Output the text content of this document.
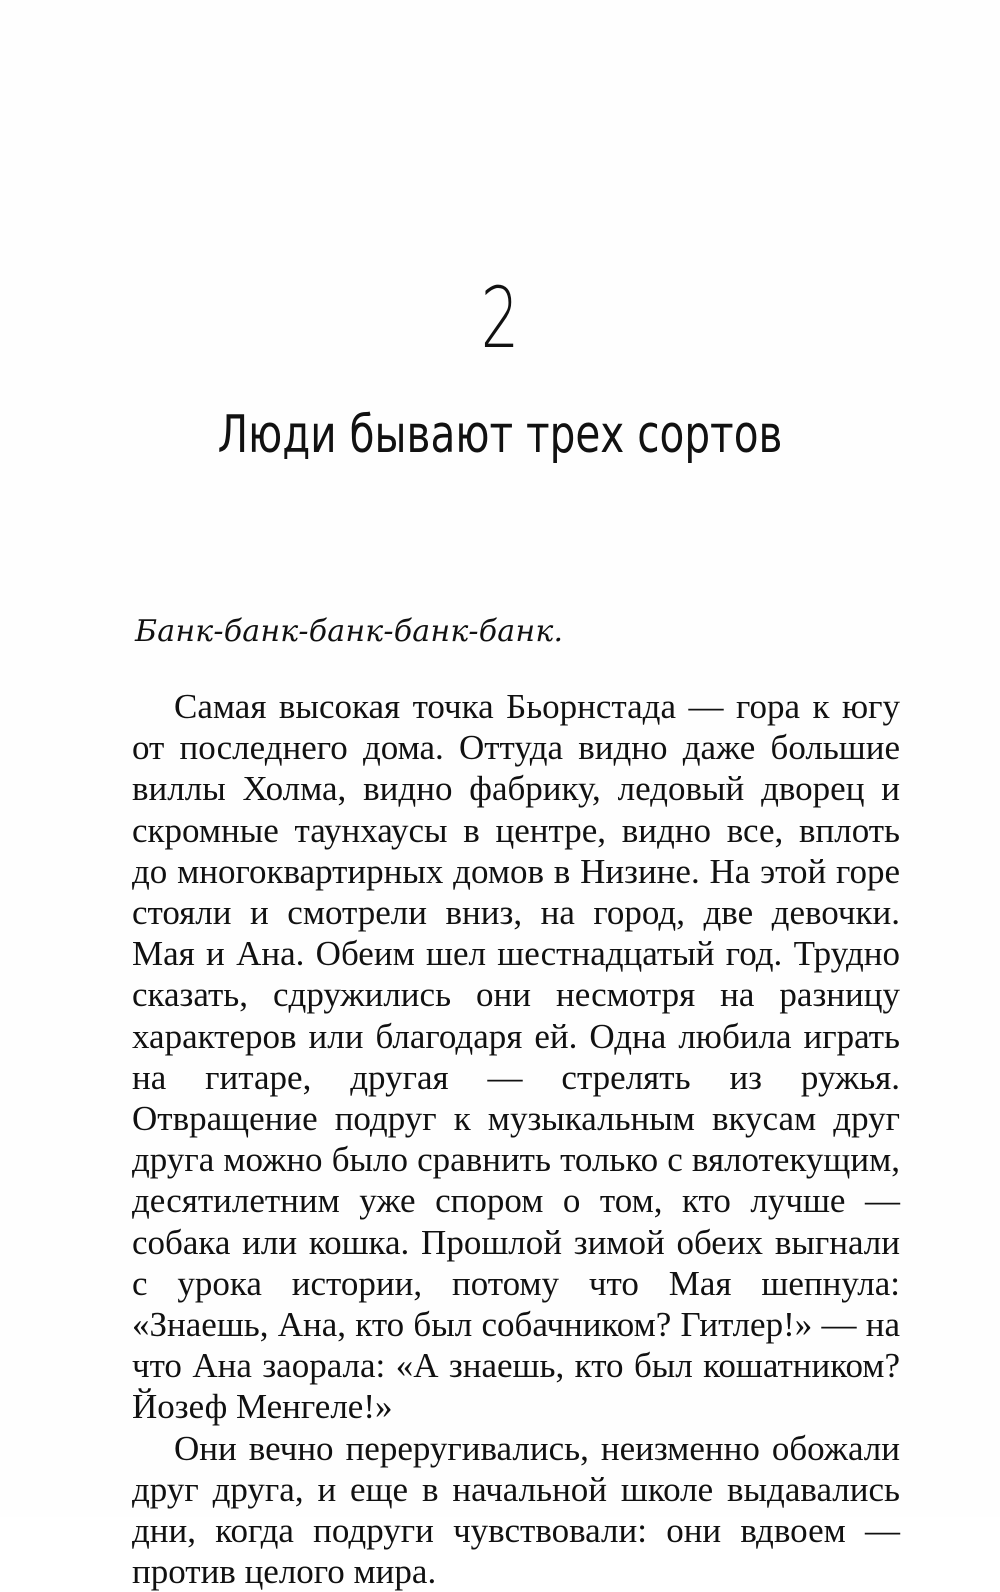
2
Люди бывают трех сортов
Банк-банк-банк-банк-банк.

Самая высокая точка Бьорнстада — гора к югу от последнего дома. Оттуда видно даже большие виллы Холма, видно фабрику, ледовый дворец и скромные таунхаусы в центре, видно все, вплоть до многоквартирных домов в Низине. На этой горе стояли и смотрели вниз, на город, две девочки. Мая и Ана. Обеим шел шестнадцатый год. Трудно сказать, сдружились они несмотря на разницу характеров или благодаря ей. Одна любила играть на гитаре, другая — стрелять из ружья. Отвращение подруг к музыкальным вкусам друг друга можно было сравнить только с вялотекущим, десятилетним уже спором о том, кто лучше — собака или кошка. Прошлой зимой обеих выгнали с урока истории, потому что Мая шепнула: «Знаешь, Ана, кто был собачником? Гитлер!» — на что Ана заорала: «А знаешь, кто был кошатником? Йозеф Менгеле!»

Они вечно переругивались, неизменно обожали друг друга, и еще в начальной школе выдавались дни, когда подруги чувствовали: они вдвоем — против целого мира.
